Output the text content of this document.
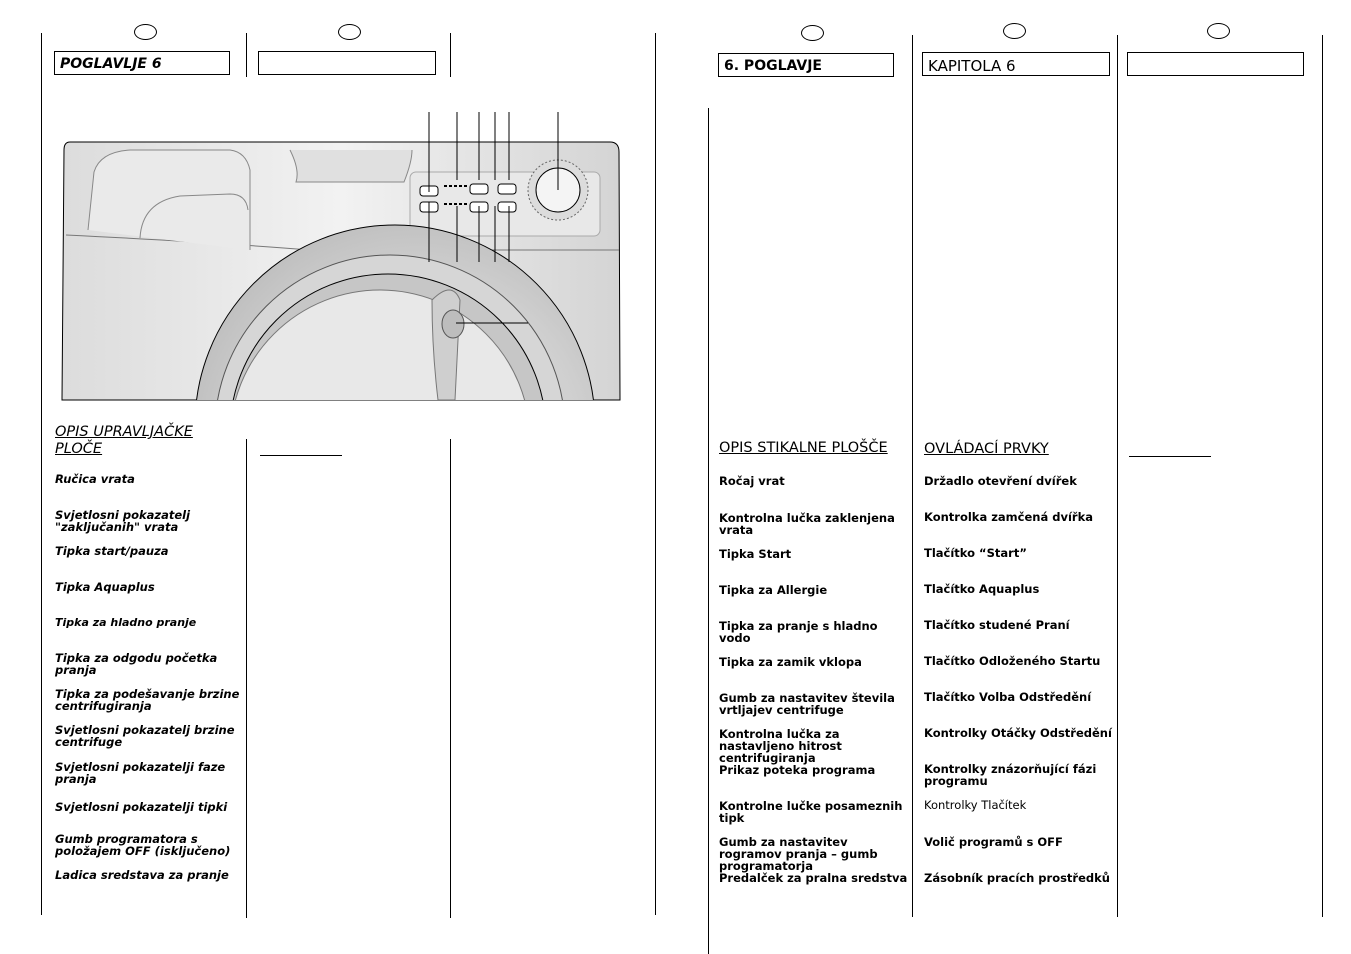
POGLAVLJE 6
OPIS UPRAVLJAČKE PLOČE
Ručica vrata
Svjetlosni pokazatelj "zaključanih" vrata
Tipka start/pauza
Tipka Aquaplus
Tipka za hladno pranje
Tipka za odgodu početka pranja
Tipka za podešavanje brzine centrifugiranja
Svjetlosni pokazatelj brzine centrifuge
Svjetlosni pokazatelji faze pranja
Svjetlosni pokazatelji tipki
Gumb programatora s položajem OFF (isključeno)
Ladica sredstava za pranje
6. POGLAVJE	KAPITOLA 6
OPIS STIKALNE PLOŠČE	OVLÁDACÍ PRVKY
Ročaj vrat
Kontrolna lučka zaklenjena vrata
Tipka Start
Tipka za Allergie
Tipka za pranje s hladno vodo
Tipka za zamik vklopa
Gumb za nastavitev števila vrtljajev centrifuge
Kontrolna lučka za nastavljeno hitrost centrifugiranja
Prikaz poteka programa
Kontrolne lučke posameznih tipk
Gumb za nastavitev rogramov pranja – gumb programatorja
Predalček za pralna sredstva
Držadlo otevření dvířek
Kontrolka zamčená dvířka
Tlačítko “Start”
Tlačítko Aquaplus
Tlačítko studené Praní
Tlačítko Odloženého Startu
Tlačítko Volba Odstředění
Kontrolky Otáčky Odstředění
Kontrolky znázorňující fázi programu
Kontrolky Tlačítek
Volič programů s OFF
Zásobník pracích prostředků
